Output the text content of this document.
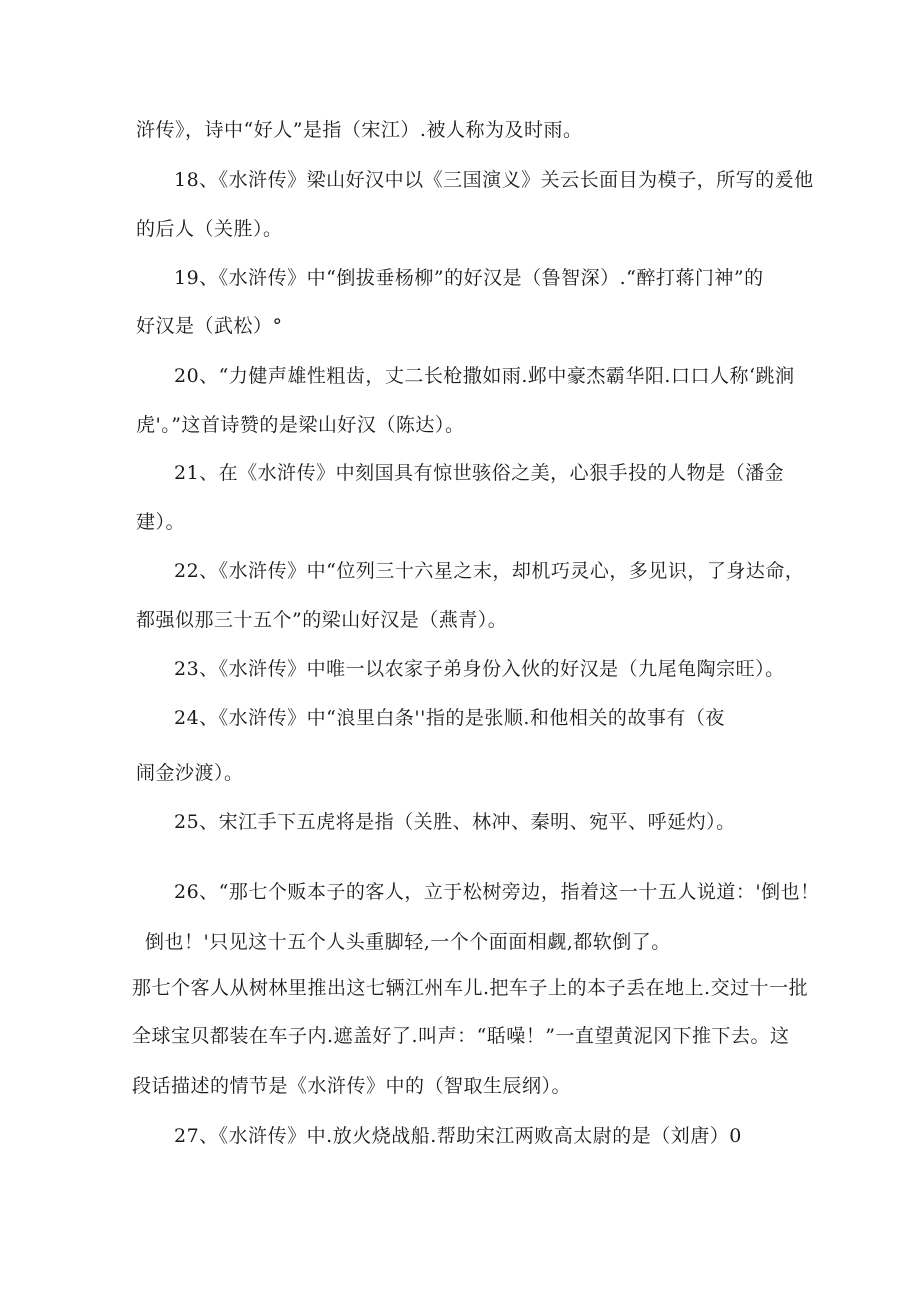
浒传》，诗中“好人”是指（宋江）.被人称为及时雨。
18、《水浒传》梁山好汉中以《三国演义》关云长面目为模子，所写的爰他
的后人（关胜）。
19、《水浒传》中“倒拔垂杨柳”的好汉是（鲁智深）.“醉打蒋门神”的
好汉是（武松）°
20、“力健声雄性粗齿，丈二长枪撒如雨.邺中豪杰霸华阳.口口人称‘跳涧
虎'。”这首诗赞的是梁山好汉（陈达）。
21、在《水浒传》中刻国具有惊世骇俗之美，心狠手投的人物是（潘金
建）。
22、《水浒传》中“位列三十六星之末，却机巧灵心，多见识，了身达命，
都强似那三十五个”的梁山好汉是（燕青）。
23、《水浒传》中唯一以农家子弟身份入伙的好汉是（九尾龟陶宗旺）。
24、《水浒传》中“浪里白条''指的是张顺.和他相关的故事有（夜
闹金沙渡）。
25、宋江手下五虎将是指（关胜、林冲、秦明、宛平、呼延灼）。
26、“那七个贩本子的客人，立于松树旁边，指着这一十五人说道：'倒也！
倒也！'只见这十五个人头重脚轻,一个个面面相觑,都软倒了。
那七个客人从树林里推出这七辆江州车儿.把车子上的本子丢在地上.交过十一批
全球宝贝都装在车子内.遮盖好了.叫声：“聒噪！”一直望黄泥冈下推下去。这
段话描述的情节是《水浒传》中的（智取生辰纲）。
27、《水浒传》中.放火烧战船.帮助宋江两败高太尉的是（刘唐）0
